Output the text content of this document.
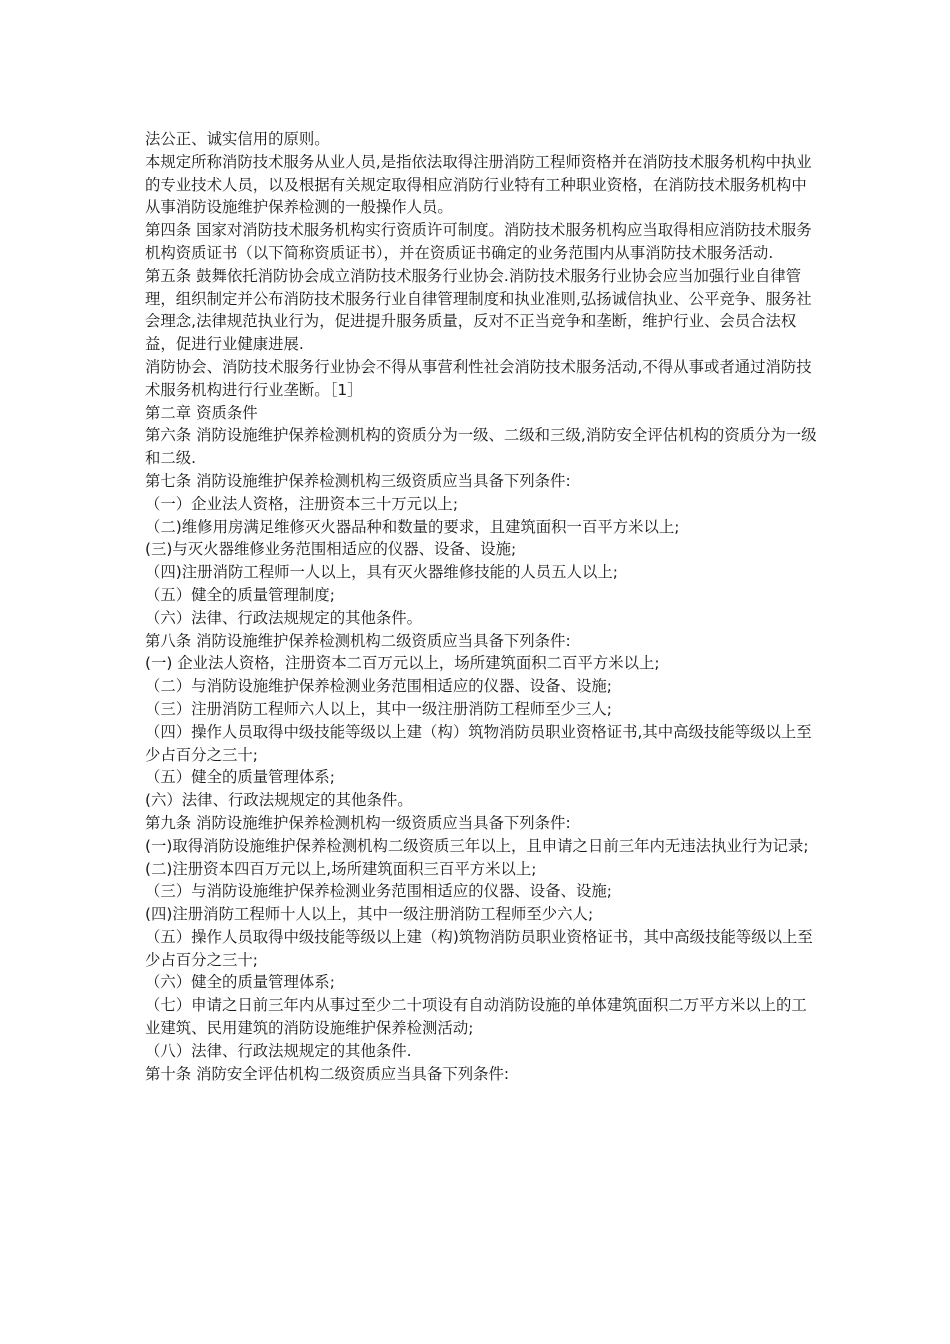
法公正、诚实信用的原则。

本规定所称消防技术服务从业人员,是指依法取得注册消防工程师资格并在消防技术服务机构中执业的专业技术人员，以及根据有关规定取得相应消防行业特有工种职业资格，在消防技术服务机构中从事消防设施维护保养检测的一般操作人员。

第四条 国家对消防技术服务机构实行资质许可制度。消防技术服务机构应当取得相应消防技术服务机构资质证书（以下简称资质证书），并在资质证书确定的业务范围内从事消防技术服务活动.

第五条 鼓舞依托消防协会成立消防技术服务行业协会.消防技术服务行业协会应当加强行业自律管理，组织制定并公布消防技术服务行业自律管理制度和执业准则,弘扬诚信执业、公平竞争、服务社会理念,法律规范执业行为，促进提升服务质量，反对不正当竞争和垄断，维护行业、会员合法权益，促进行业健康进展.

消防协会、消防技术服务行业协会不得从事营利性社会消防技术服务活动,不得从事或者通过消防技术服务机构进行行业垄断。［1］

第二章 资质条件

第六条 消防设施维护保养检测机构的资质分为一级、二级和三级,消防安全评估机构的资质分为一级和二级.

第七条 消防设施维护保养检测机构三级资质应当具备下列条件:

（一）企业法人资格，注册资本三十万元以上;

（二)维修用房满足维修灭火器品种和数量的要求，且建筑面积一百平方米以上;

(三)与灭火器维修业务范围相适应的仪器、设备、设施;

（四)注册消防工程师一人以上，具有灭火器维修技能的人员五人以上;

（五）健全的质量管理制度;

（六）法律、行政法规规定的其他条件。

第八条 消防设施维护保养检测机构二级资质应当具备下列条件:

(一) 企业法人资格，注册资本二百万元以上，场所建筑面积二百平方米以上;

（二）与消防设施维护保养检测业务范围相适应的仪器、设备、设施;

（三）注册消防工程师六人以上，其中一级注册消防工程师至少三人;

（四）操作人员取得中级技能等级以上建（构）筑物消防员职业资格证书,其中高级技能等级以上至少占百分之三十;

（五）健全的质量管理体系;

(六）法律、行政法规规定的其他条件。

第九条 消防设施维护保养检测机构一级资质应当具备下列条件:

(一)取得消防设施维护保养检测机构二级资质三年以上，且申请之日前三年内无违法执业行为记录;

(二)注册资本四百万元以上,场所建筑面积三百平方米以上;

（三）与消防设施维护保养检测业务范围相适应的仪器、设备、设施;

(四)注册消防工程师十人以上，其中一级注册消防工程师至少六人;

（五）操作人员取得中级技能等级以上建（构)筑物消防员职业资格证书，其中高级技能等级以上至少占百分之三十;

（六）健全的质量管理体系;

（七）申请之日前三年内从事过至少二十项设有自动消防设施的单体建筑面积二万平方米以上的工业建筑、民用建筑的消防设施维护保养检测活动;

（八）法律、行政法规规定的其他条件.

第十条 消防安全评估机构二级资质应当具备下列条件:
